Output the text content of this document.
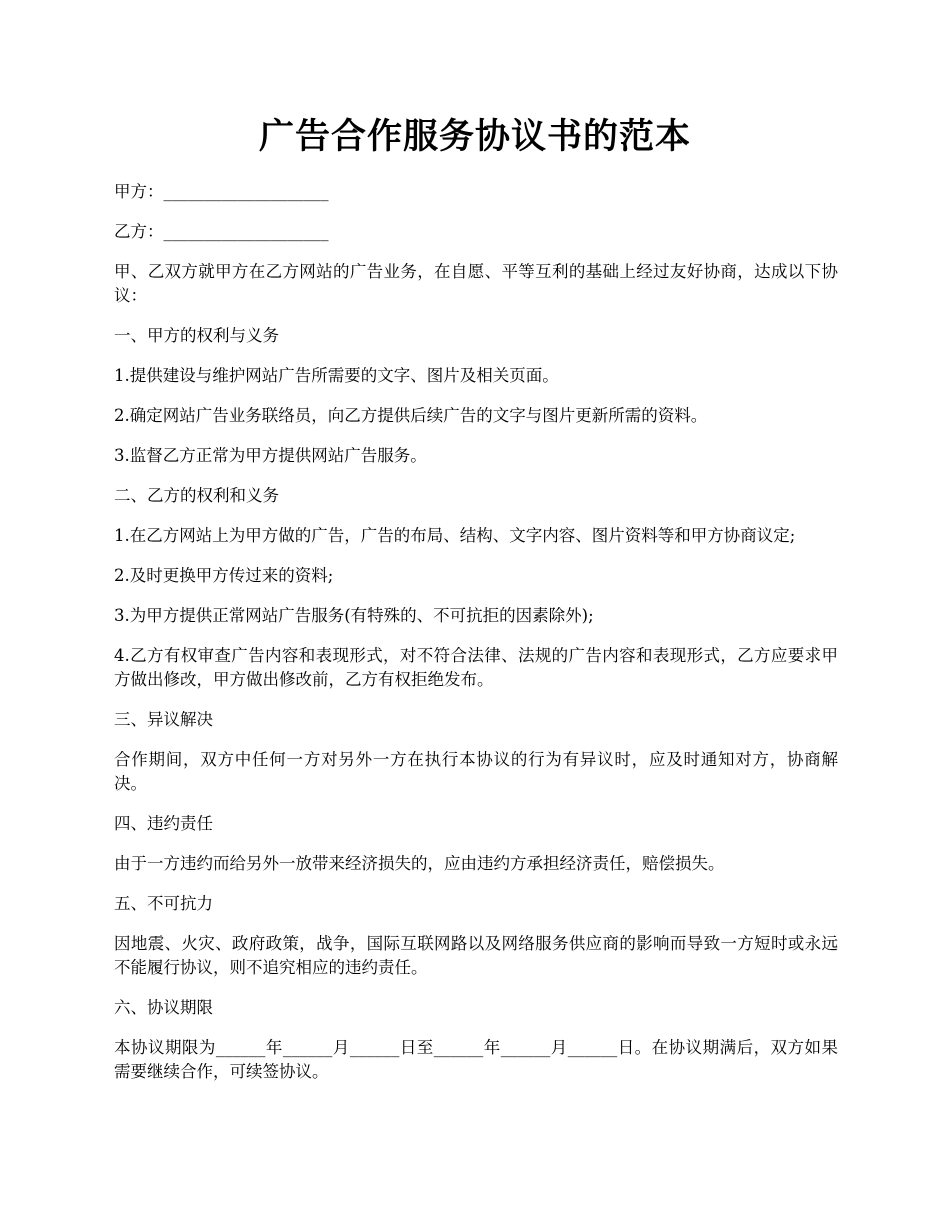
广告合作服务协议书的范本

甲方：____________________

乙方：____________________

甲、乙双方就甲方在乙方网站的广告业务，在自愿、平等互利的基础上经过友好协商，达成以下协议：

一、甲方的权利与义务

1.提供建设与维护网站广告所需要的文字、图片及相关页面。

2.确定网站广告业务联络员，向乙方提供后续广告的文字与图片更新所需的资料。

3.监督乙方正常为甲方提供网站广告服务。

二、乙方的权利和义务

1.在乙方网站上为甲方做的广告，广告的布局、结构、文字内容、图片资料等和甲方协商议定;

2.及时更换甲方传过来的资料;

3.为甲方提供正常网站广告服务(有特殊的、不可抗拒的因素除外);

4.乙方有权审查广告内容和表现形式，对不符合法律、法规的广告内容和表现形式，乙方应要求甲方做出修改，甲方做出修改前，乙方有权拒绝发布。

三、异议解决

合作期间，双方中任何一方对另外一方在执行本协议的行为有异议时，应及时通知对方，协商解决。

四、违约责任

由于一方违约而给另外一放带来经济损失的，应由违约方承担经济责任，赔偿损失。

五、不可抗力

因地震、火灾、政府政策，战争，国际互联网路以及网络服务供应商的影响而导致一方短时或永远不能履行协议，则不追究相应的违约责任。

六、协议期限

本协议期限为______年______月______日至______年______月______日。在协议期满后，双方如果需要继续合作，可续签协议。
